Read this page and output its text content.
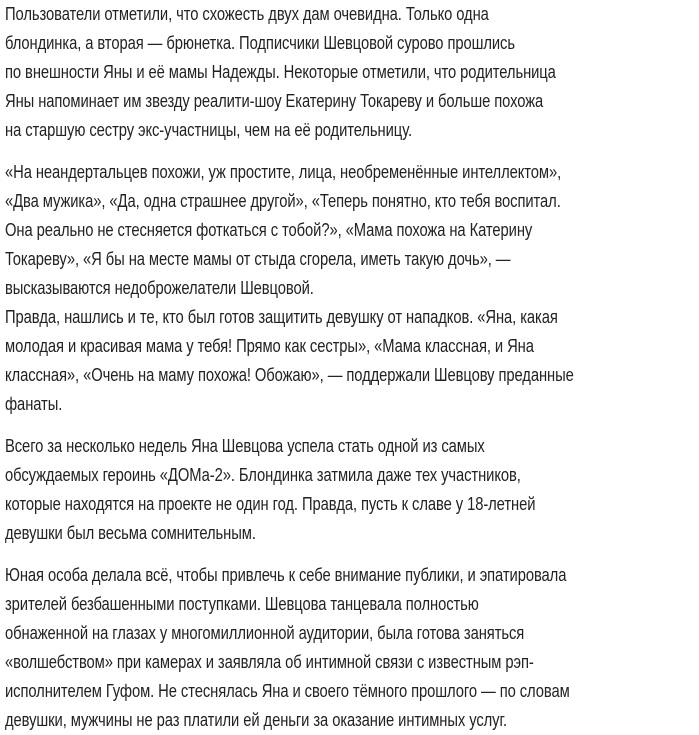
Пользователи отметили, что схожесть двух дам очевидна. Только одна
блондинка, а вторая — брюнетка. Подписчики Шевцовой сурово прошлись
по внешности Яны и её мамы Надежды. Некоторые отметили, что родительница
Яны напоминает им звезду реалити-шоу Екатерину Токареву и больше похожа
на старшую сестру экс-участницы, чем на её родительницу.
«На неандертальцев похожи, уж простите, лица, необременённые интеллектом»,
«Два мужика», «Да, одна страшнее другой», «Теперь понятно, кто тебя воспитал.
Она реально не стесняется фоткаться с тобой?», «Мама похожа на Катерину
Токареву», «Я бы на месте мамы от стыда сгорела, иметь такую дочь», —
высказываются недоброжелатели Шевцовой.
Правда, нашлись и те, кто был готов защитить девушку от нападков. «Яна, какая
молодая и красивая мама у тебя! Прямо как сестры», «Мама классная, и Яна
классная», «Очень на маму похожа! Обожаю», — поддержали Шевцову преданные
фанаты.
Всего за несколько недель Яна Шевцова успела стать одной из самых
обсуждаемых героинь «ДОМа-2». Блондинка затмила даже тех участников,
которые находятся на проекте не один год. Правда, пусть к славе у 18-летней
девушки был весьма сомнительным.
Юная особа делала всё, чтобы привлечь к себе внимание публики, и эпатировала
зрителей безбашенными поступками. Шевцова танцевала полностью
обнаженной на глазах у многомиллионной аудитории, была готова заняться
«волшебством» при камерах и заявляла об интимной связи с известным рэп-
исполнителем Гуфом. Не стеснялась Яна и своего тёмного прошлого — по словам
девушки, мужчины не раз платили ей деньги за оказание интимных услуг.
